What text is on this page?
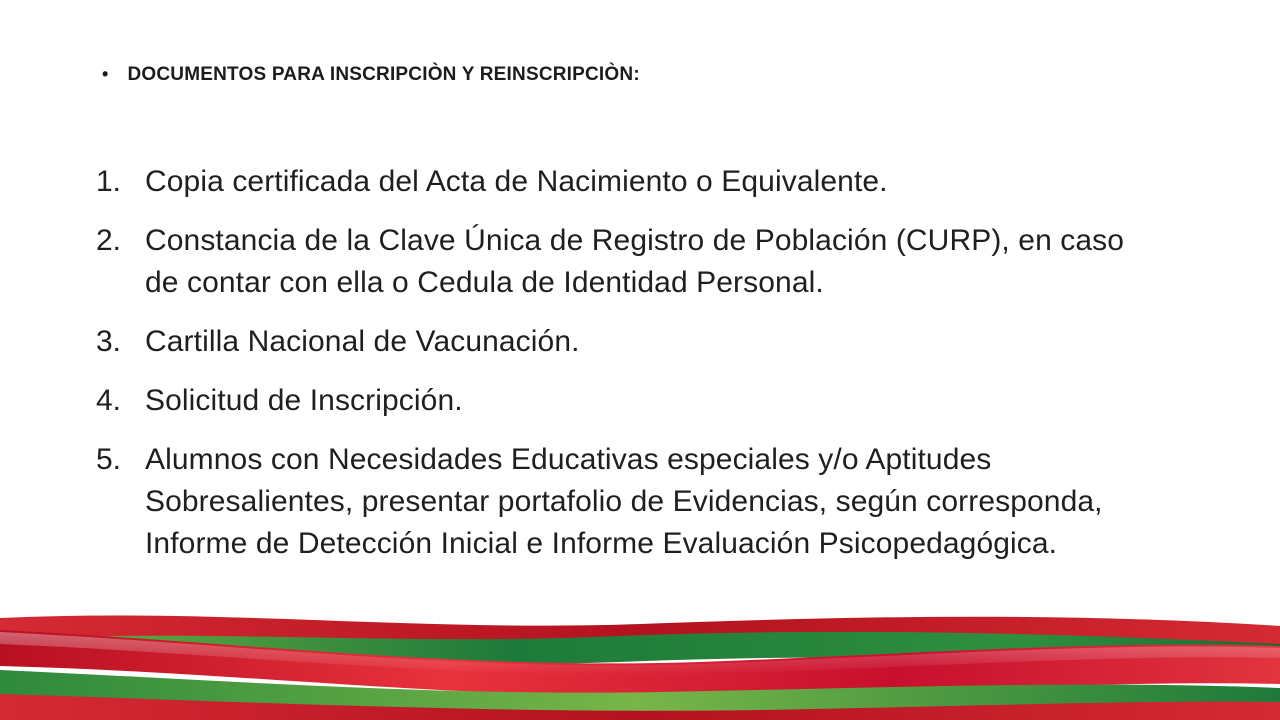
• DOCUMENTOS PARA INSCRIPCIÒN Y REINSCRIPCIÒN:
1. Copia certificada del Acta de Nacimiento o Equivalente.
2. Constancia de la Clave Única de Registro de Población (CURP), en caso de contar con ella o Cedula de Identidad Personal.
3. Cartilla Nacional de Vacunación.
4. Solicitud de Inscripción.
5. Alumnos con Necesidades Educativas especiales y/o Aptitudes Sobresalientes, presentar portafolio de Evidencias, según corresponda, Informe de Detección Inicial e Informe Evaluación Psicopedagógica.
